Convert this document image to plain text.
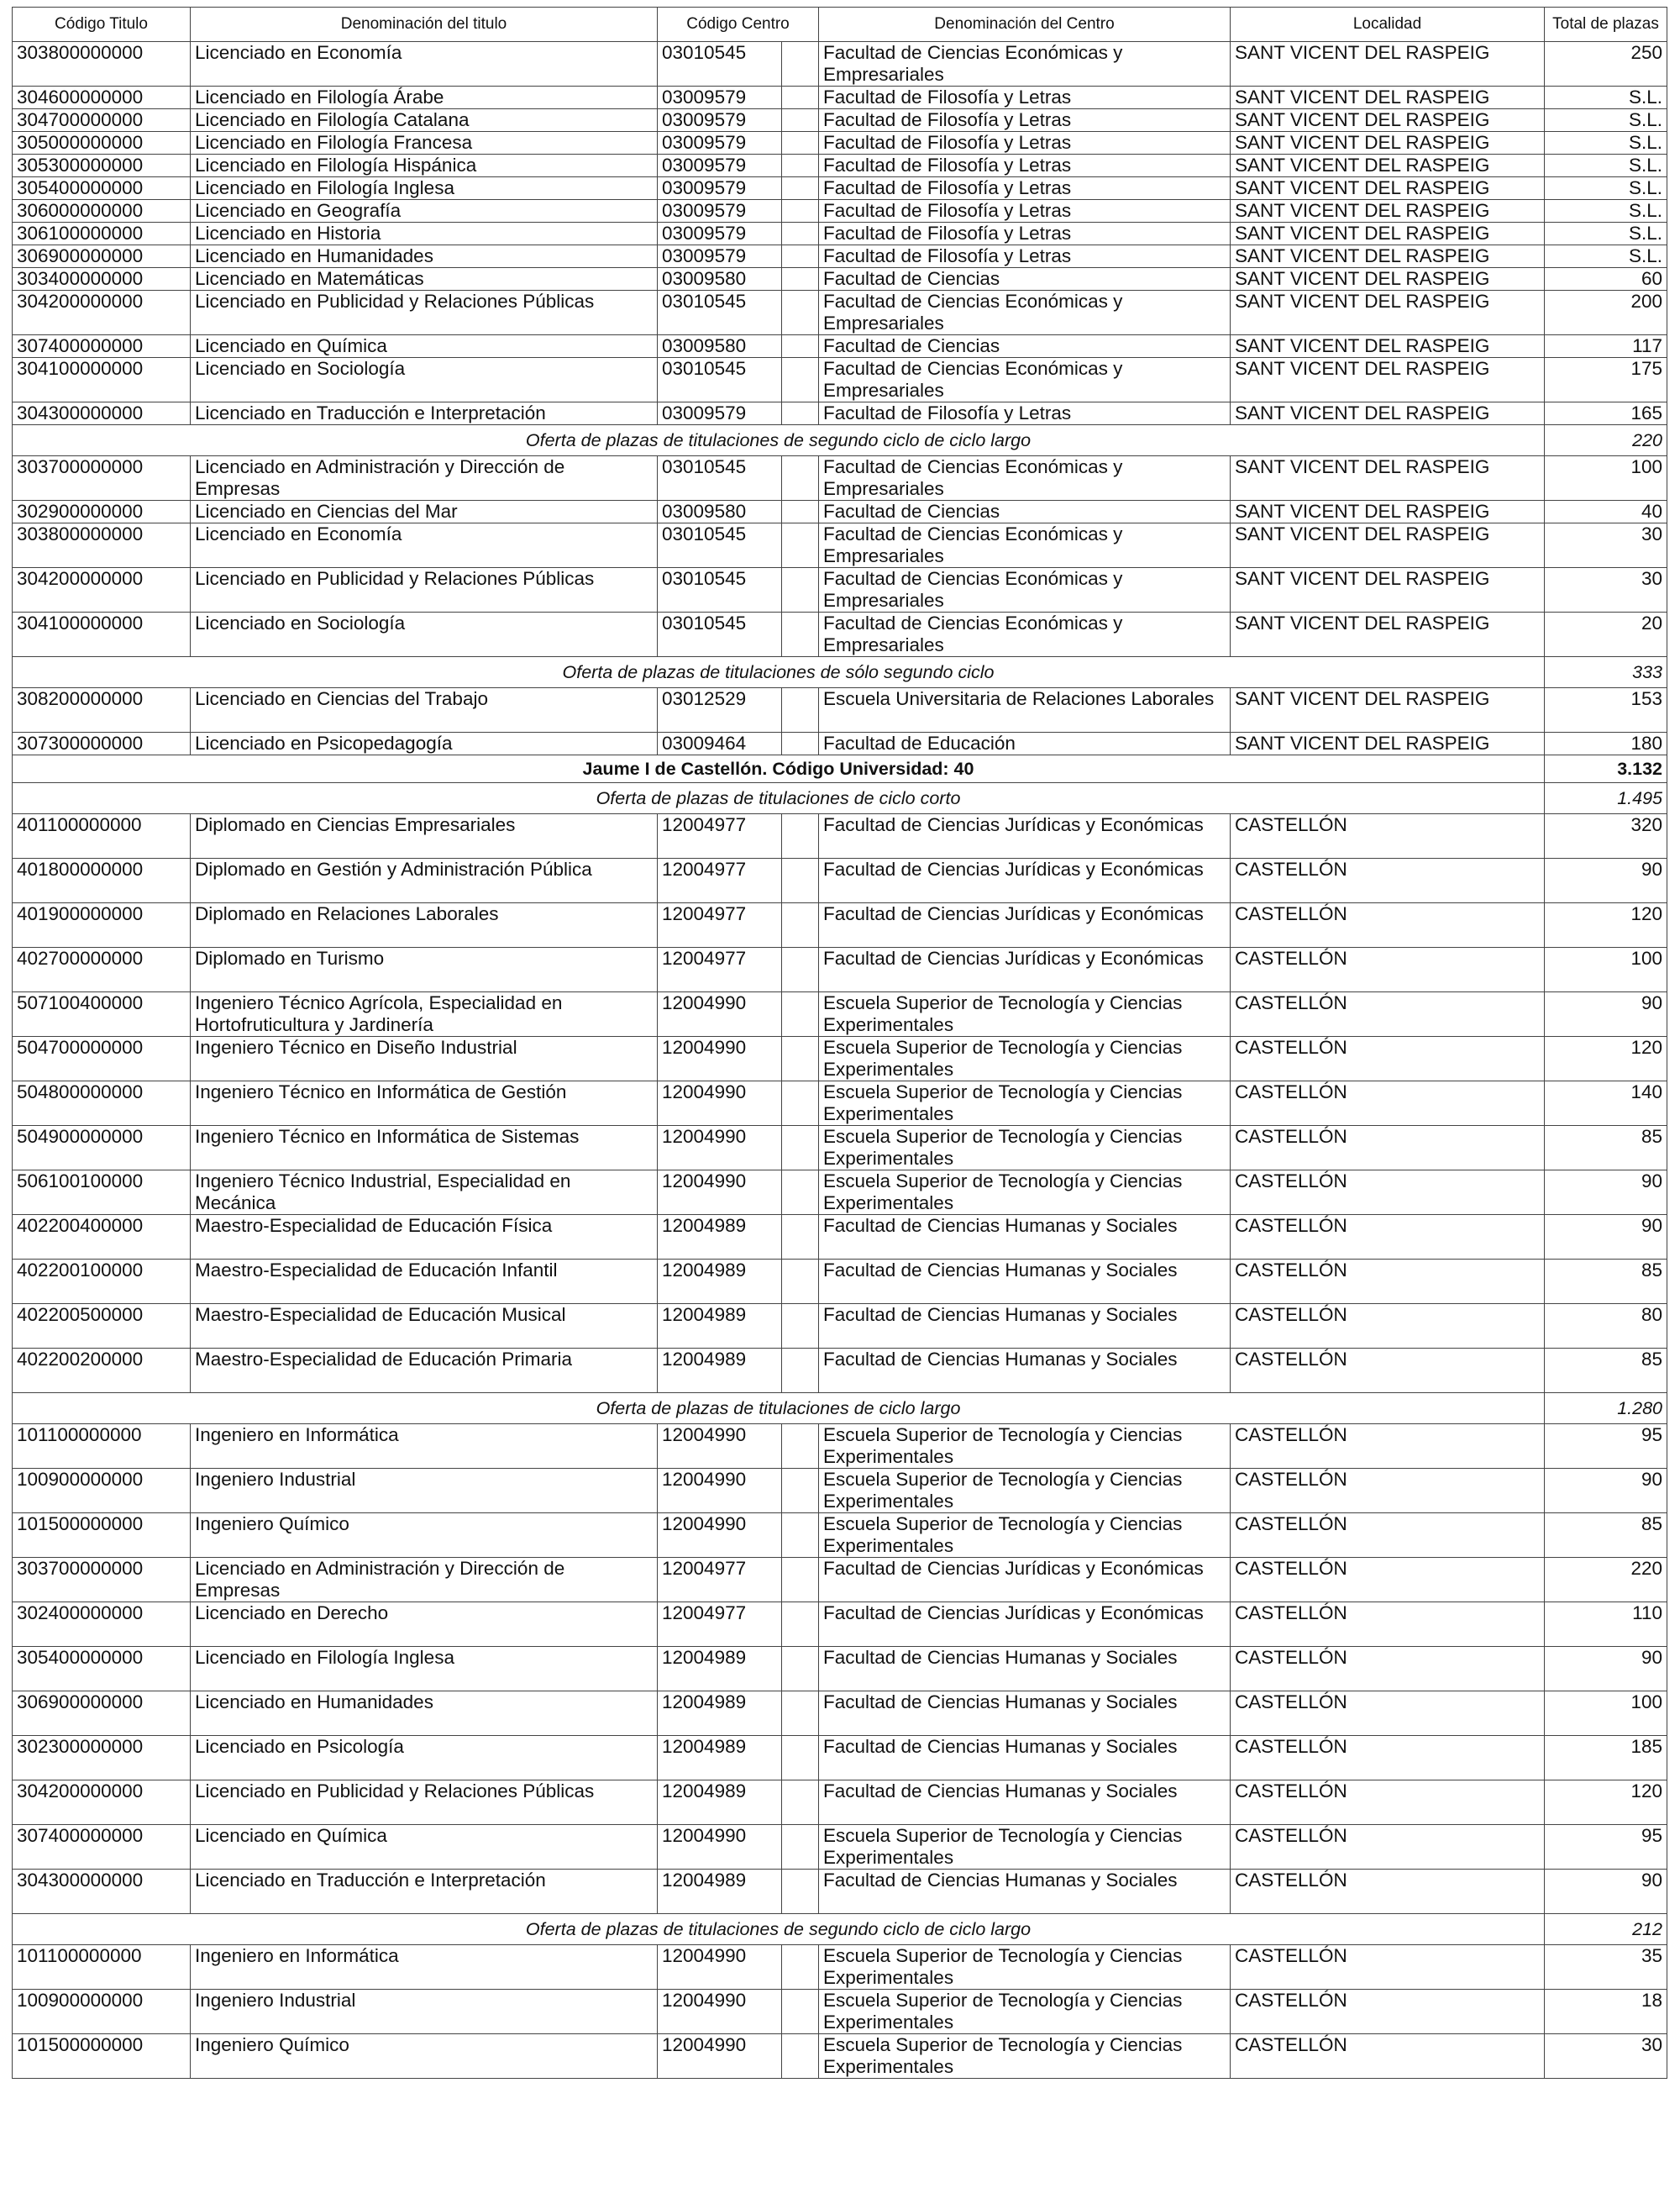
Código Titulo	Denominación del titulo	Código Centro		Denominación del Centro	Localidad	Total de plazas
303800000000	Licenciado en Economía	03010545		Facultad de Ciencias Económicas y Empresariales	SANT VICENT DEL RASPEIG	250
304600000000	Licenciado en Filología Árabe	03009579		Facultad de Filosofía y Letras	SANT VICENT DEL RASPEIG	S.L.
304700000000	Licenciado en Filología Catalana	03009579		Facultad de Filosofía y Letras	SANT VICENT DEL RASPEIG	S.L.
305000000000	Licenciado en Filología Francesa	03009579		Facultad de Filosofía y Letras	SANT VICENT DEL RASPEIG	S.L.
305300000000	Licenciado en Filología Hispánica	03009579		Facultad de Filosofía y Letras	SANT VICENT DEL RASPEIG	S.L.
305400000000	Licenciado en Filología Inglesa	03009579		Facultad de Filosofía y Letras	SANT VICENT DEL RASPEIG	S.L.
306000000000	Licenciado en Geografía	03009579		Facultad de Filosofía y Letras	SANT VICENT DEL RASPEIG	S.L.
306100000000	Licenciado en Historia	03009579		Facultad de Filosofía y Letras	SANT VICENT DEL RASPEIG	S.L.
306900000000	Licenciado en Humanidades	03009579		Facultad de Filosofía y Letras	SANT VICENT DEL RASPEIG	S.L.
303400000000	Licenciado en Matemáticas	03009580		Facultad de Ciencias	SANT VICENT DEL RASPEIG	60
304200000000	Licenciado en Publicidad y Relaciones Públicas	03010545		Facultad de Ciencias Económicas y Empresariales	SANT VICENT DEL RASPEIG	200
307400000000	Licenciado en Química	03009580		Facultad de Ciencias	SANT VICENT DEL RASPEIG	117
304100000000	Licenciado en Sociología	03010545		Facultad de Ciencias Económicas y Empresariales	SANT VICENT DEL RASPEIG	175
304300000000	Licenciado en Traducción e Interpretación	03009579		Facultad de Filosofía y Letras	SANT VICENT DEL RASPEIG	165
Oferta de plazas de titulaciones de segundo ciclo de ciclo largo						220
303700000000	Licenciado en Administración y Dirección de Empresas	03010545		Facultad de Ciencias Económicas y Empresariales	SANT VICENT DEL RASPEIG	100
302900000000	Licenciado en Ciencias del Mar	03009580		Facultad de Ciencias	SANT VICENT DEL RASPEIG	40
303800000000	Licenciado en Economía	03010545		Facultad de Ciencias Económicas y Empresariales	SANT VICENT DEL RASPEIG	30
304200000000	Licenciado en Publicidad y Relaciones Públicas	03010545		Facultad de Ciencias Económicas y Empresariales	SANT VICENT DEL RASPEIG	30
304100000000	Licenciado en Sociología	03010545		Facultad de Ciencias Económicas y Empresariales	SANT VICENT DEL RASPEIG	20
Oferta de plazas de titulaciones de sólo segundo ciclo						333
308200000000	Licenciado en Ciencias del Trabajo	03012529		Escuela Universitaria de Relaciones Laborales	SANT VICENT DEL RASPEIG	153
307300000000	Licenciado en Psicopedagogía	03009464		Facultad de Educación	SANT VICENT DEL RASPEIG	180
Jaume I de Castellón. Código Universidad: 40						3.132
Oferta de plazas de titulaciones de ciclo corto						1.495
401100000000	Diplomado en Ciencias Empresariales	12004977		Facultad de Ciencias Jurídicas y Económicas	CASTELLÓN	320
401800000000	Diplomado en Gestión y Administración Pública	12004977		Facultad de Ciencias Jurídicas y Económicas	CASTELLÓN	90
401900000000	Diplomado en Relaciones Laborales	12004977		Facultad de Ciencias Jurídicas y Económicas	CASTELLÓN	120
402700000000	Diplomado en Turismo	12004977		Facultad de Ciencias Jurídicas y Económicas	CASTELLÓN	100
507100400000	Ingeniero Técnico Agrícola, Especialidad en Hortofruticultura y Jardinería	12004990		Escuela Superior de Tecnología y Ciencias Experimentales	CASTELLÓN	90
504700000000	Ingeniero Técnico en Diseño Industrial	12004990		Escuela Superior de Tecnología y Ciencias Experimentales	CASTELLÓN	120
504800000000	Ingeniero Técnico en Informática de Gestión	12004990		Escuela Superior de Tecnología y Ciencias Experimentales	CASTELLÓN	140
504900000000	Ingeniero Técnico en Informática de Sistemas	12004990		Escuela Superior de Tecnología y Ciencias Experimentales	CASTELLÓN	85
506100100000	Ingeniero Técnico Industrial, Especialidad en Mecánica	12004990		Escuela Superior de Tecnología y Ciencias Experimentales	CASTELLÓN	90
402200400000	Maestro-Especialidad de Educación Física	12004989		Facultad de Ciencias Humanas y Sociales	CASTELLÓN	90
402200100000	Maestro-Especialidad de Educación Infantil	12004989		Facultad de Ciencias Humanas y Sociales	CASTELLÓN	85
402200500000	Maestro-Especialidad de Educación Musical	12004989		Facultad de Ciencias Humanas y Sociales	CASTELLÓN	80
402200200000	Maestro-Especialidad de Educación Primaria	12004989		Facultad de Ciencias Humanas y Sociales	CASTELLÓN	85
Oferta de plazas de titulaciones de ciclo largo						1.280
101100000000	Ingeniero en Informática	12004990		Escuela Superior de Tecnología y Ciencias Experimentales	CASTELLÓN	95
100900000000	Ingeniero Industrial	12004990		Escuela Superior de Tecnología y Ciencias Experimentales	CASTELLÓN	90
101500000000	Ingeniero Químico	12004990		Escuela Superior de Tecnología y Ciencias Experimentales	CASTELLÓN	85
303700000000	Licenciado en Administración y Dirección de Empresas	12004977		Facultad de Ciencias Jurídicas y Económicas	CASTELLÓN	220
302400000000	Licenciado en Derecho	12004977		Facultad de Ciencias Jurídicas y Económicas	CASTELLÓN	110
305400000000	Licenciado en Filología Inglesa	12004989		Facultad de Ciencias Humanas y Sociales	CASTELLÓN	90
306900000000	Licenciado en Humanidades	12004989		Facultad de Ciencias Humanas y Sociales	CASTELLÓN	100
302300000000	Licenciado en Psicología	12004989		Facultad de Ciencias Humanas y Sociales	CASTELLÓN	185
304200000000	Licenciado en Publicidad y Relaciones Públicas	12004989		Facultad de Ciencias Humanas y Sociales	CASTELLÓN	120
307400000000	Licenciado en Química	12004990		Escuela Superior de Tecnología y Ciencias Experimentales	CASTELLÓN	95
304300000000	Licenciado en Traducción e Interpretación	12004989		Facultad de Ciencias Humanas y Sociales	CASTELLÓN	90
Oferta de plazas de titulaciones de segundo ciclo de ciclo largo						212
101100000000	Ingeniero en Informática	12004990		Escuela Superior de Tecnología y Ciencias Experimentales	CASTELLÓN	35
100900000000	Ingeniero Industrial	12004990		Escuela Superior de Tecnología y Ciencias Experimentales	CASTELLÓN	18
101500000000	Ingeniero Químico	12004990		Escuela Superior de Tecnología y Ciencias Experimentales	CASTELLÓN	30
